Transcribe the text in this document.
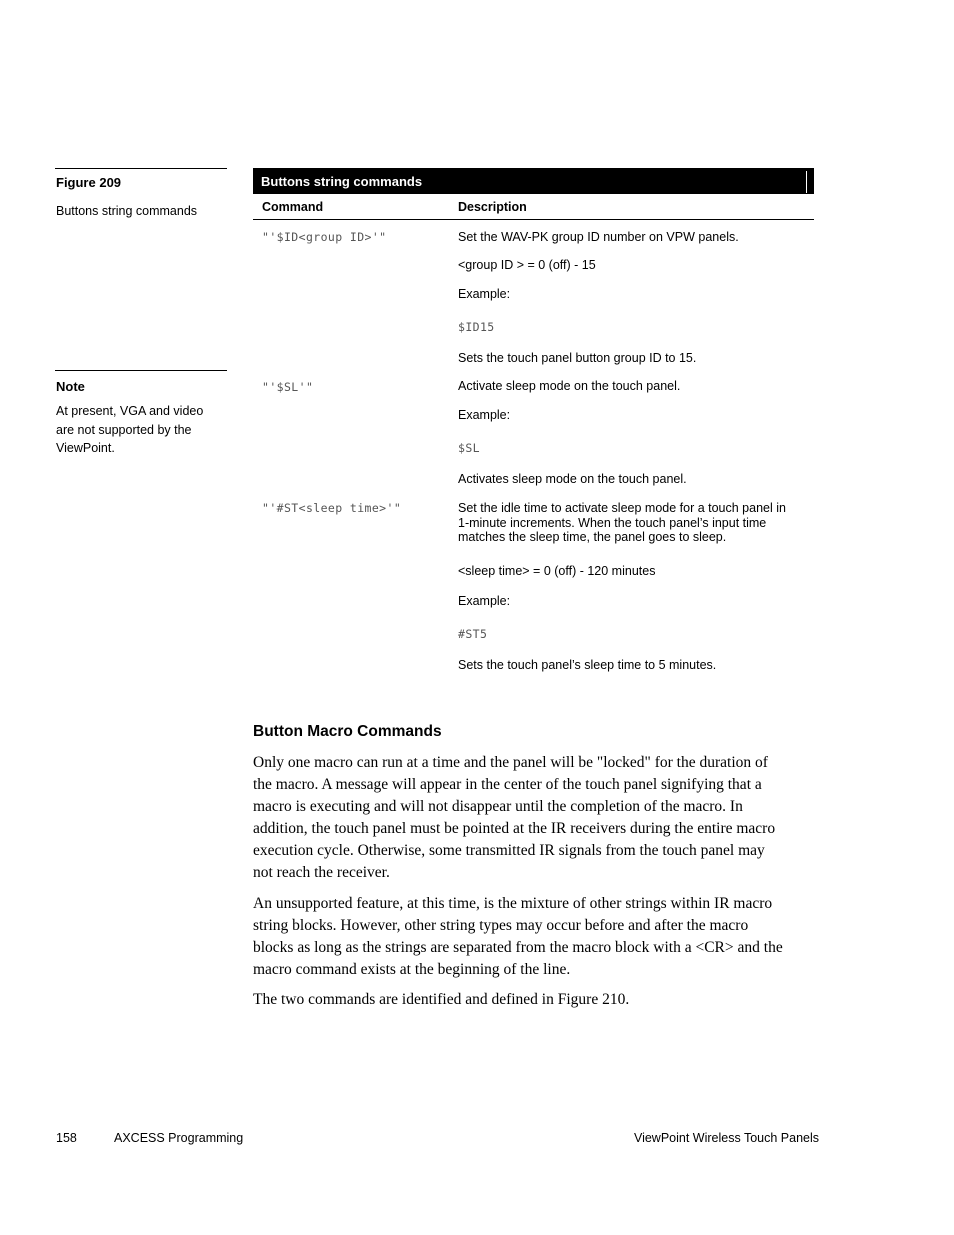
Figure 209
Buttons string commands
Note
At present, VGA and video
are not supported by the
ViewPoint.
Buttons string commands
Command	Description
"'$ID<group ID>'"	Set the WAV-PK group ID number on VPW panels.
<group ID > = 0 (off) - 15
Example:
$ID15
Sets the touch panel button group ID to 15.
"'$SL'"	Activate sleep mode on the touch panel.
Example:
$SL
Activates sleep mode on the touch panel.
"'#ST<sleep time>'"	Set the idle time to activate sleep mode for a touch panel in
1-minute increments. When the touch panel’s input time
matches the sleep time, the panel goes to sleep.
<sleep time> = 0 (off) - 120 minutes
Example:
#ST5
Sets the touch panel’s sleep time to 5 minutes.
Button Macro Commands
Only one macro can run at a time and the panel will be "locked" for the duration of
the macro. A message will appear in the center of the touch panel signifying that a
macro is executing and will not disappear until the completion of the macro. In
addition, the touch panel must be pointed at the IR receivers during the entire macro
execution cycle. Otherwise, some transmitted IR signals from the touch panel may
not reach the receiver.
An unsupported feature, at this time, is the mixture of other strings within IR macro
string blocks. However, other string types may occur before and after the macro
blocks as long as the strings are separated from the macro block with a <CR> and the
macro command exists at the beginning of the line.
The two commands are identified and defined in Figure 210.
158	AXCESS Programming	ViewPoint Wireless Touch Panels
